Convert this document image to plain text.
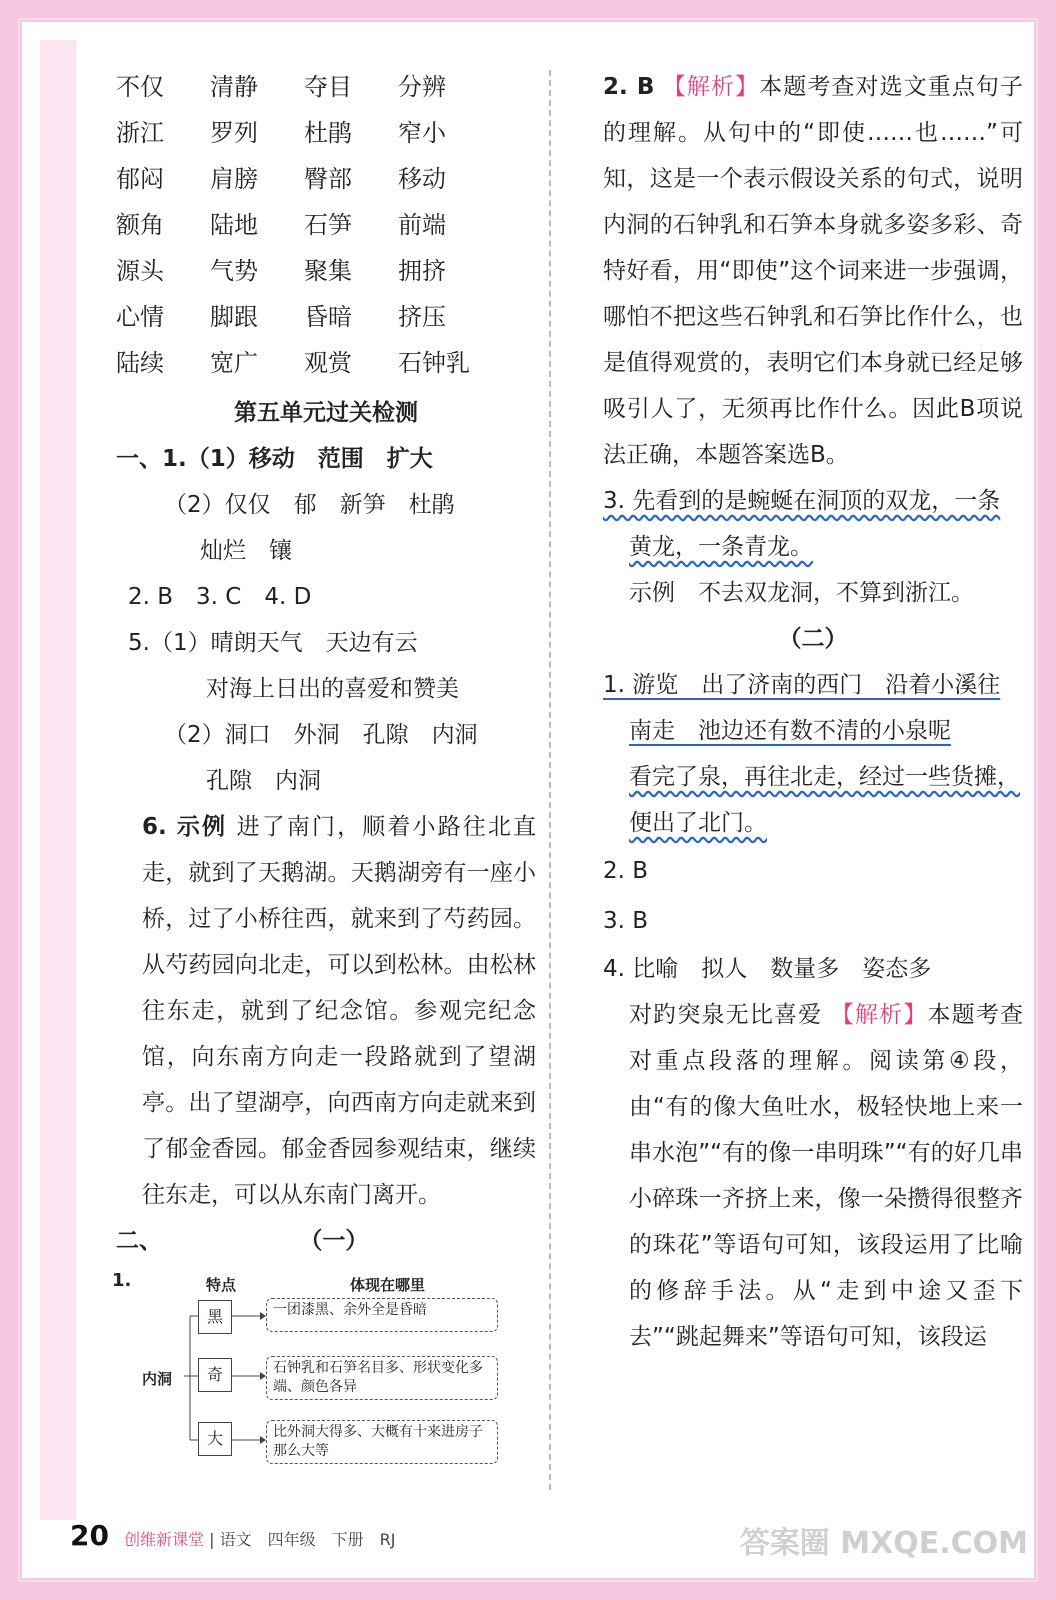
不仅	清静	夺目	分辨
浙江	罗列	杜鹃	窄小
郁闷	肩膀	臀部	移动
额角	陆地	石笋	前端
源头	气势	聚集	拥挤
心情	脚跟	昏暗	挤压
陆续	宽广	观赏	石钟乳
第五单元过关检测
一、1.（1）移动　范围　扩大
（2）仅仅　郁　新笋　杜鹃
灿烂　镶
2. B　3. C　4. D
5.（1）晴朗天气　天边有云
对海上日出的喜爱和赞美
（2）洞口　外洞　孔隙　内洞
孔隙　内洞
6. 示例 进了南门，顺着小路往北直走，就到了天鹅湖。天鹅湖旁有一座小桥，过了小桥往西，就来到了芍药园。从芍药园向北走，可以到松林。由松林往东走，就到了纪念馆。参观完纪念馆，向东南方向走一段路就到了望湖亭。出了望湖亭，向西南方向走就来到了郁金香园。郁金香园参观结束，继续往东走，可以从东南门离开。
二、	（一）
1.	特点	体现在哪里
内洞
黑	一团漆黑、余外全是昏暗
奇	石钟乳和石笋名目多、形状变化多端、颜色各异
大	比外洞大得多、大概有十来进房子那么大等
2. B 【解析】本题考查对选文重点句子的理解。从句中的“即使……也……”可知，这是一个表示假设关系的句式，说明内洞的石钟乳和石笋本身就多姿多彩、奇特好看，用“即使”这个词来进一步强调，哪怕不把这些石钟乳和石笋比作什么，也是值得观赏的，表明它们本身就已经足够吸引人了，无须再比作什么。因此B项说法正确，本题答案选B。
3. 先看到的是蜿蜒在洞顶的双龙，一条
黄龙，一条青龙。
示例　不去双龙洞，不算到浙江。
（二）
1. 游览　出了济南的西门　沿着小溪往
南走　池边还有数不清的小泉呢
看完了泉，再往北走，经过一些货摊，
便出了北门。
2. B
3. B
4. 比喻　拟人　数量多　姿态多
对趵突泉无比喜爱 【解析】本题考查对重点段落的理解。阅读第④段，由“有的像大鱼吐水，极轻快地上来一串水泡”“有的像一串明珠”“有的好几串小碎珠一齐挤上来，像一朵攒得很整齐的珠花”等语句可知，该段运用了比喻的修辞手法。从“走到中途又歪下去”“跳起舞来”等语句可知，该段运
20 创维新课堂 | 语文　四年级　下册　RJ	答案圈 MXQE.COM
